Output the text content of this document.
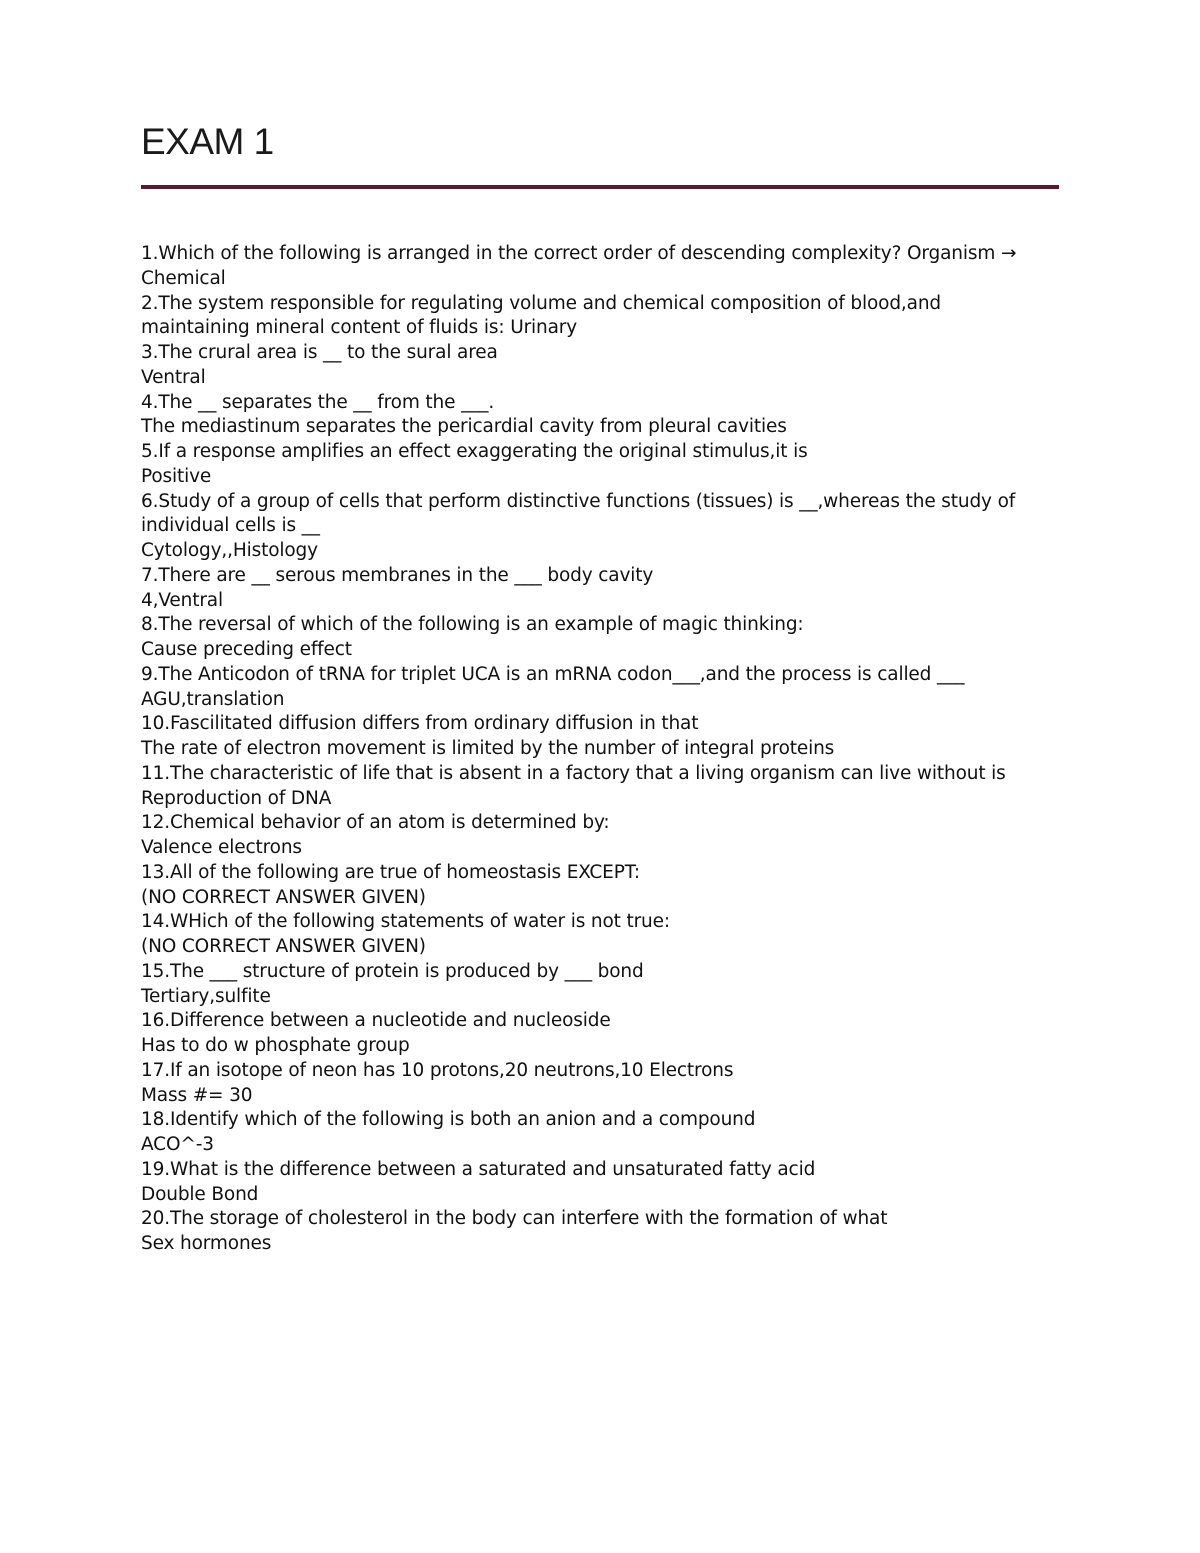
EXAM 1
1.Which of the following is arranged in the correct order of descending complexity? Organism →
Chemical
2.The system responsible for regulating volume and chemical composition of blood,and
maintaining mineral content of fluids is: Urinary
3.The crural area is __ to the sural area
Ventral
4.The __ separates the __ from the ___.
The mediastinum separates the pericardial cavity from pleural cavities
5.If a response amplifies an effect exaggerating the original stimulus,it is
Positive
6.Study of a group of cells that perform distinctive functions (tissues) is __,whereas the study of
individual cells is __
Cytology,,Histology
7.There are __ serous membranes in the ___ body cavity
4,Ventral
8.The reversal of which of the following is an example of magic thinking:
Cause preceding effect
9.The Anticodon of tRNA for triplet UCA is an mRNA codon___,and the process is called ___
AGU,translation
10.Fascilitated diffusion differs from ordinary diffusion in that
The rate of electron movement is limited by the number of integral proteins
11.The characteristic of life that is absent in a factory that a living organism can live without is
Reproduction of DNA
12.Chemical behavior of an atom is determined by:
Valence electrons
13.All of the following are true of homeostasis EXCEPT:
(NO CORRECT ANSWER GIVEN)
14.WHich of the following statements of water is not true:
(NO CORRECT ANSWER GIVEN)
15.The ___ structure of protein is produced by ___ bond
Tertiary,sulfite
16.Difference between a nucleotide and nucleoside
Has to do w phosphate group
17.If an isotope of neon has 10 protons,20 neutrons,10 Electrons
Mass #= 30
18.Identify which of the following is both an anion and a compound
ACO^-3
19.What is the difference between a saturated and unsaturated fatty acid
Double Bond
20.The storage of cholesterol in the body can interfere with the formation of what
Sex hormones
